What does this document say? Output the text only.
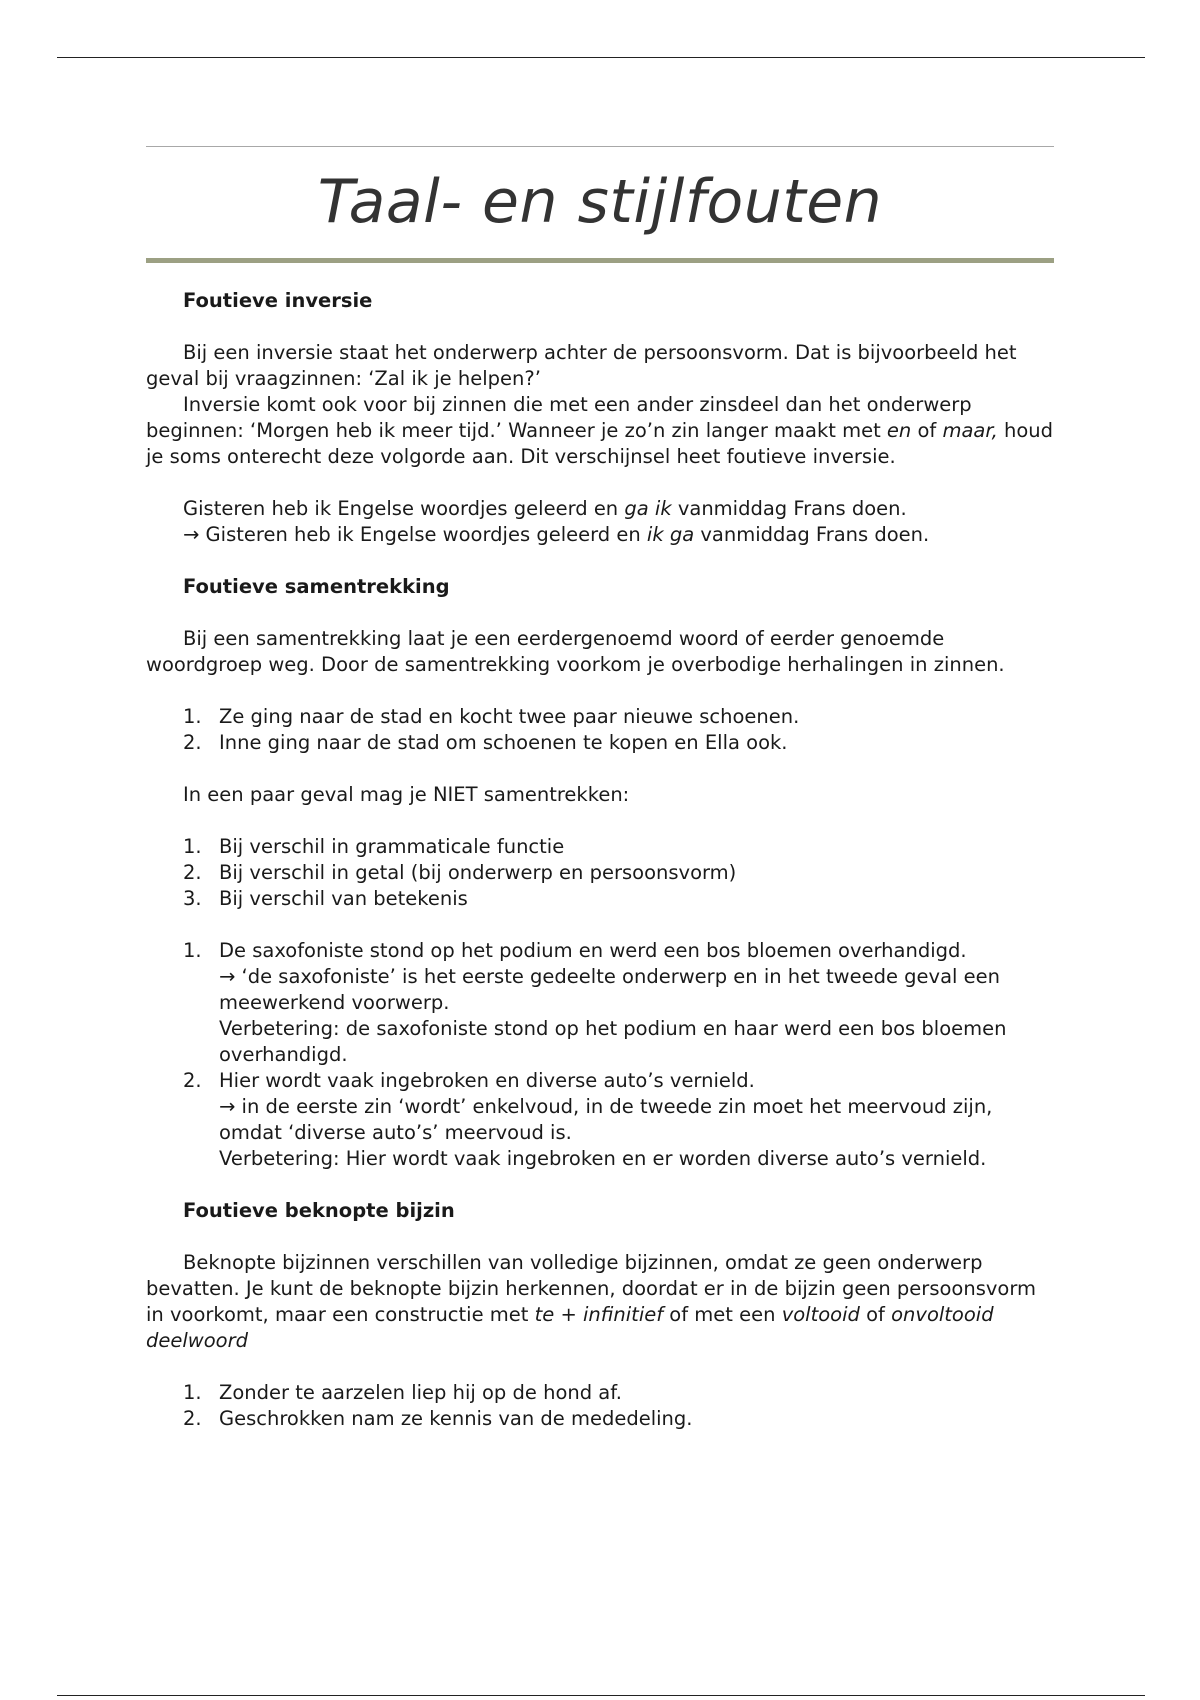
Taal- en stijlfouten
Foutieve inversie

Bij een inversie staat het onderwerp achter de persoonsvorm. Dat is bijvoorbeeld het geval bij vraagzinnen: ‘Zal ik je helpen?’

Inversie komt ook voor bij zinnen die met een ander zinsdeel dan het onderwerp beginnen: ‘Morgen heb ik meer tijd.’ Wanneer je zo’n zin langer maakt met en of maar, houd je soms onterecht deze volgorde aan. Dit verschijnsel heet foutieve inversie.

Gisteren heb ik Engelse woordjes geleerd en ga ik vanmiddag Frans doen.

→ Gisteren heb ik Engelse woordjes geleerd en ik ga vanmiddag Frans doen.

Foutieve samentrekking

Bij een samentrekking laat je een eerdergenoemd woord of eerder genoemde woordgroep weg. Door de samentrekking voorkom je overbodige herhalingen in zinnen.

1. Ze ging naar de stad en kocht twee paar nieuwe schoenen.
2. Inne ging naar de stad om schoenen te kopen en Ella ook.

In een paar geval mag je NIET samentrekken:

1. Bij verschil in grammaticale functie
2. Bij verschil in getal (bij onderwerp en persoonsvorm)
3. Bij verschil van betekenis
1. De saxofoniste stond op het podium en werd een bos bloemen overhandigd.
→ ‘de saxofoniste’ is het eerste gedeelte onderwerp en in het tweede geval een meewerkend voorwerp.
Verbetering: de saxofoniste stond op het podium en haar werd een bos bloemen overhandigd.
2. Hier wordt vaak ingebroken en diverse auto’s vernield.
→ in de eerste zin ‘wordt’ enkelvoud, in de tweede zin moet het meervoud zijn, omdat ‘diverse auto’s’ meervoud is.
Verbetering: Hier wordt vaak ingebroken en er worden diverse auto’s vernield.
Foutieve beknopte bijzin

Beknopte bijzinnen verschillen van volledige bijzinnen, omdat ze geen onderwerp bevatten. Je kunt de beknopte bijzin herkennen, doordat er in de bijzin geen persoonsvorm in voorkomt, maar een constructie met te + infinitief of met een voltooid of onvoltooid deelwoord

1. Zonder te aarzelen liep hij op de hond af.
2. Geschrokken nam ze kennis van de mededeling.
